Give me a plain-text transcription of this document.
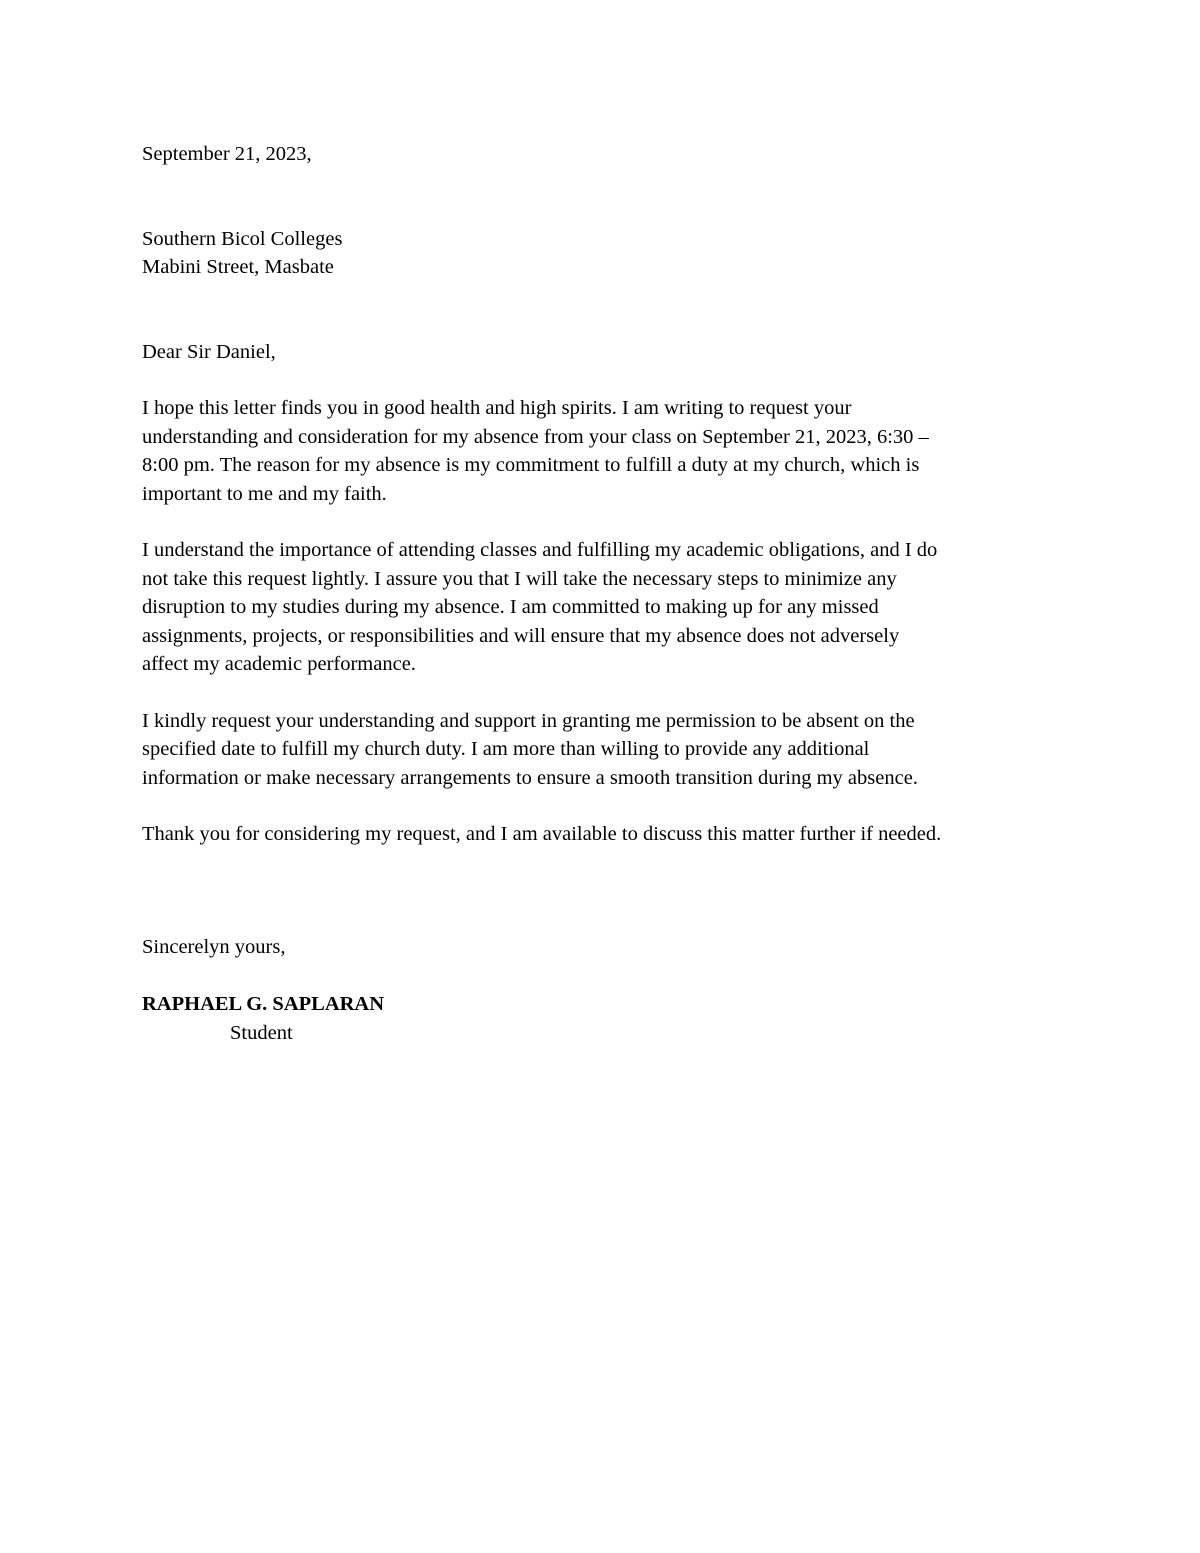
September 21, 2023,
Southern Bicol Colleges
Mabini Street, Masbate
Dear Sir Daniel,
I hope this letter finds you in good health and high spirits. I am writing to request your
understanding and consideration for my absence from your class on September 21, 2023, 6:30 –
8:00 pm. The reason for my absence is my commitment to fulfill a duty at my church, which is
important to me and my faith.
I understand the importance of attending classes and fulfilling my academic obligations, and I do
not take this request lightly. I assure you that I will take the necessary steps to minimize any
disruption to my studies during my absence. I am committed to making up for any missed
assignments, projects, or responsibilities and will ensure that my absence does not adversely
affect my academic performance.
I kindly request your understanding and support in granting me permission to be absent on the
specified date to fulfill my church duty. I am more than willing to provide any additional
information or make necessary arrangements to ensure a smooth transition during my absence.
Thank you for considering my request, and I am available to discuss this matter further if needed.
Sincerelyn yours,
RAPHAEL G. SAPLARAN
Student
